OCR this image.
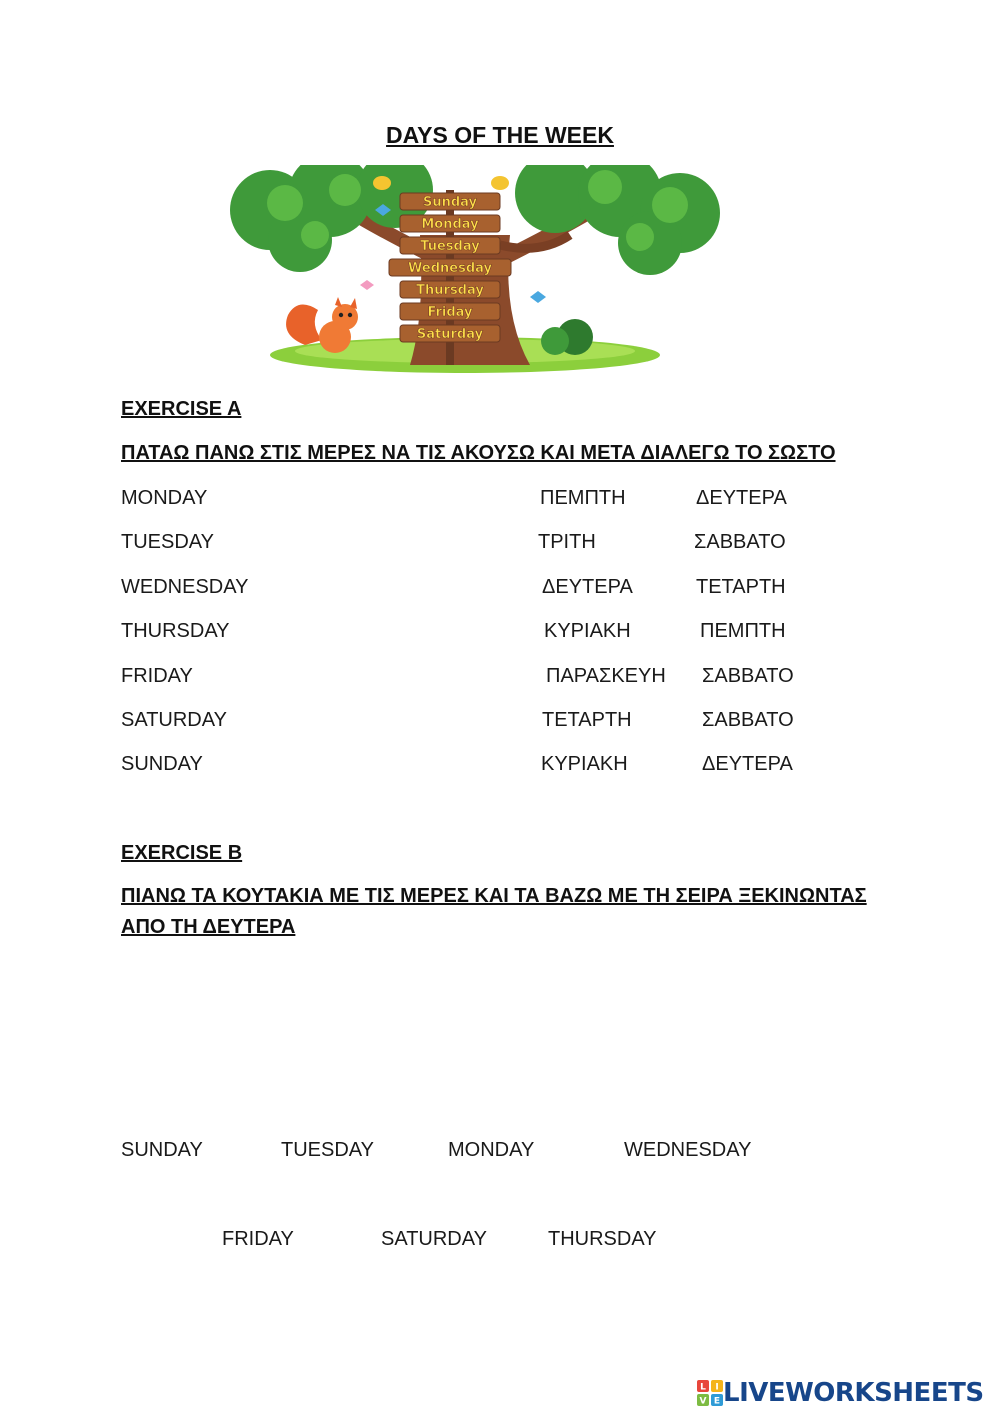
DAYS OF THE WEEK
Sunday
Monday
Tuesday
Wednesday
Thursday
Friday
Saturday
EXERCISE A
ΠΑΤΑΩ ΠΑΝΩ ΣΤΙΣ ΜΕΡΕΣ ΝΑ ΤΙΣ ΑΚΟΥΣΩ ΚΑΙ ΜΕΤΑ ΔΙΑΛΕΓΩ ΤΟ ΣΩΣΤΟ
MONDAY	ΠΕΜΠΤΗ	ΔΕΥΤΕΡΑ
TUESDAY	ΤΡΙΤΗ	ΣΑΒΒΑΤΟ
WEDNESDAY	ΔΕΥΤΕΡΑ	ΤΕΤΑΡΤΗ
THURSDAY	ΚΥΡΙΑΚΗ	ΠΕΜΠΤΗ
FRIDAY	ΠΑΡΑΣΚΕΥΗ ΣΑΒΒΑΤΟ
SATURDAY	ΤΕΤΑΡΤΗ	ΣΑΒΒΑΤΟ
SUNDAY	ΚΥΡΙΑΚΗ	ΔΕΥΤΕΡΑ
EXERCISE B
ΠΙΑΝΩ ΤΑ ΚΟΥΤΑΚΙΑ ΜΕ ΤΙΣ ΜΕΡΕΣ ΚΑΙ ΤΑ ΒΑΖΩ ΜΕ ΤΗ ΣΕΙΡΑ ΞΕΚΙΝΩΝΤΑΣ
ΑΠΟ ΤΗ ΔΕΥΤΕΡΑ
SUNDAY	TUESDAY	MONDAY	WEDNESDAY
FRIDAY	SATURDAY	THURSDAY
L I
V E LIVEWORKSHEETS
